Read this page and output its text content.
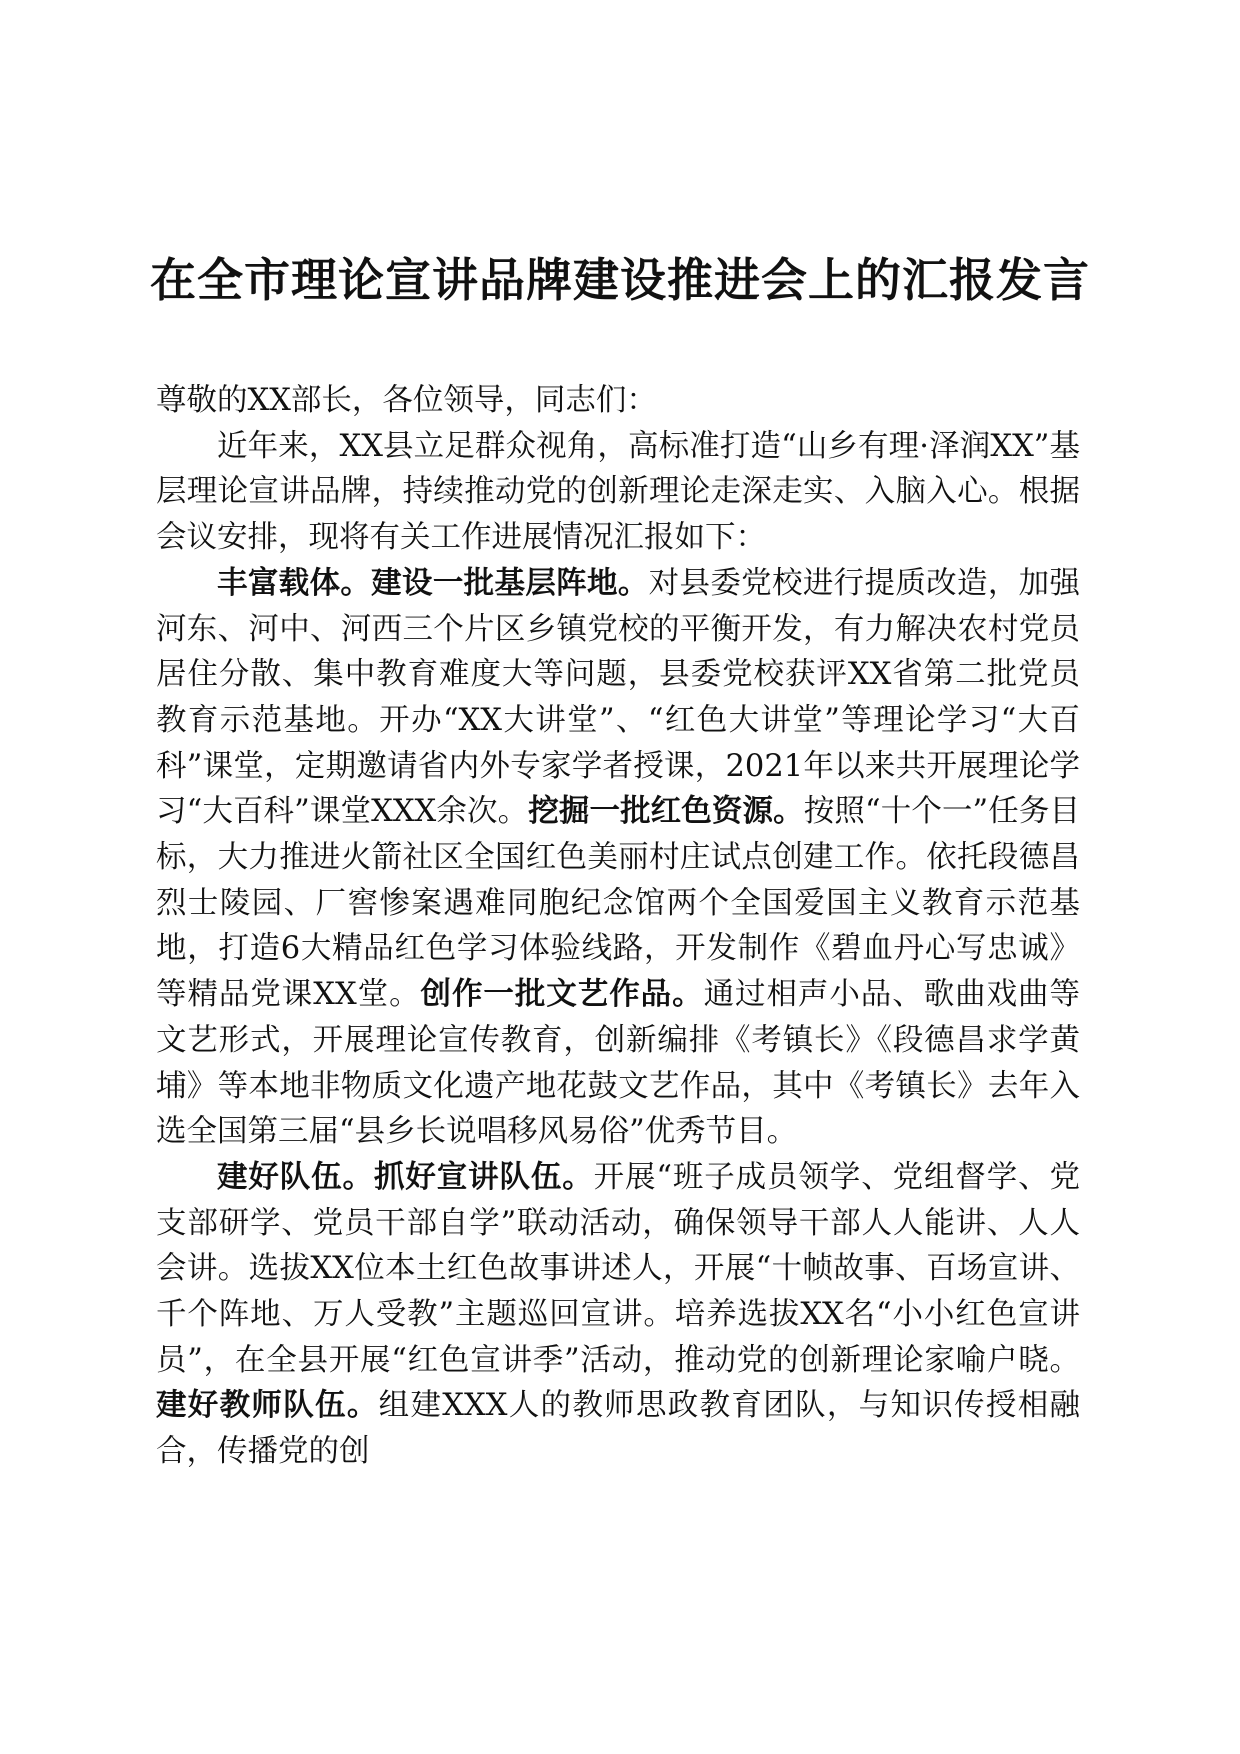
在全市理论宣讲品牌建设推进会上的汇报发言

尊敬的XX部长，各位领导，同志们：

近年来，XX县立足群众视角，高标准打造“山乡有理·泽润XX”基层理论宣讲品牌，持续推动党的创新理论走深走实、入脑入心。根据会议安排，现将有关工作进展情况汇报如下：

丰富载体。建设一批基层阵地。对县委党校进行提质改造，加强河东、河中、河西三个片区乡镇党校的平衡开发，有力解决农村党员居住分散、集中教育难度大等问题，县委党校获评XX省第二批党员教育示范基地。开办“XX大讲堂”、“红色大讲堂”等理论学习“大百科”课堂，定期邀请省内外专家学者授课，2021年以来共开展理论学习“大百科”课堂XXX余次。挖掘一批红色资源。按照“十个一”任务目标，大力推进火箭社区全国红色美丽村庄试点创建工作。依托段德昌烈士陵园、厂窖惨案遇难同胞纪念馆两个全国爱国主义教育示范基地，打造6大精品红色学习体验线路，开发制作《碧血丹心写忠诚》等精品党课XX堂。创作一批文艺作品。通过相声小品、歌曲戏曲等文艺形式，开展理论宣传教育，创新编排《考镇长》《段德昌求学黄埔》等本地非物质文化遗产地花鼓文艺作品，其中《考镇长》去年入选全国第三届“县乡长说唱移风易俗”优秀节目。

建好队伍。抓好宣讲队伍。开展“班子成员领学、党组督学、党支部研学、党员干部自学”联动活动，确保领导干部人人能讲、人人会讲。选拔XX位本土红色故事讲述人，开展“十帧故事、百场宣讲、千个阵地、万人受教”主题巡回宣讲。培养选拔XX名“小小红色宣讲员”，在全县开展“红色宣讲季”活动，推动党的创新理论家喻户晓。建好教师队伍。组建XXX人的教师思政教育团队，与知识传授相融合，传播党的创
